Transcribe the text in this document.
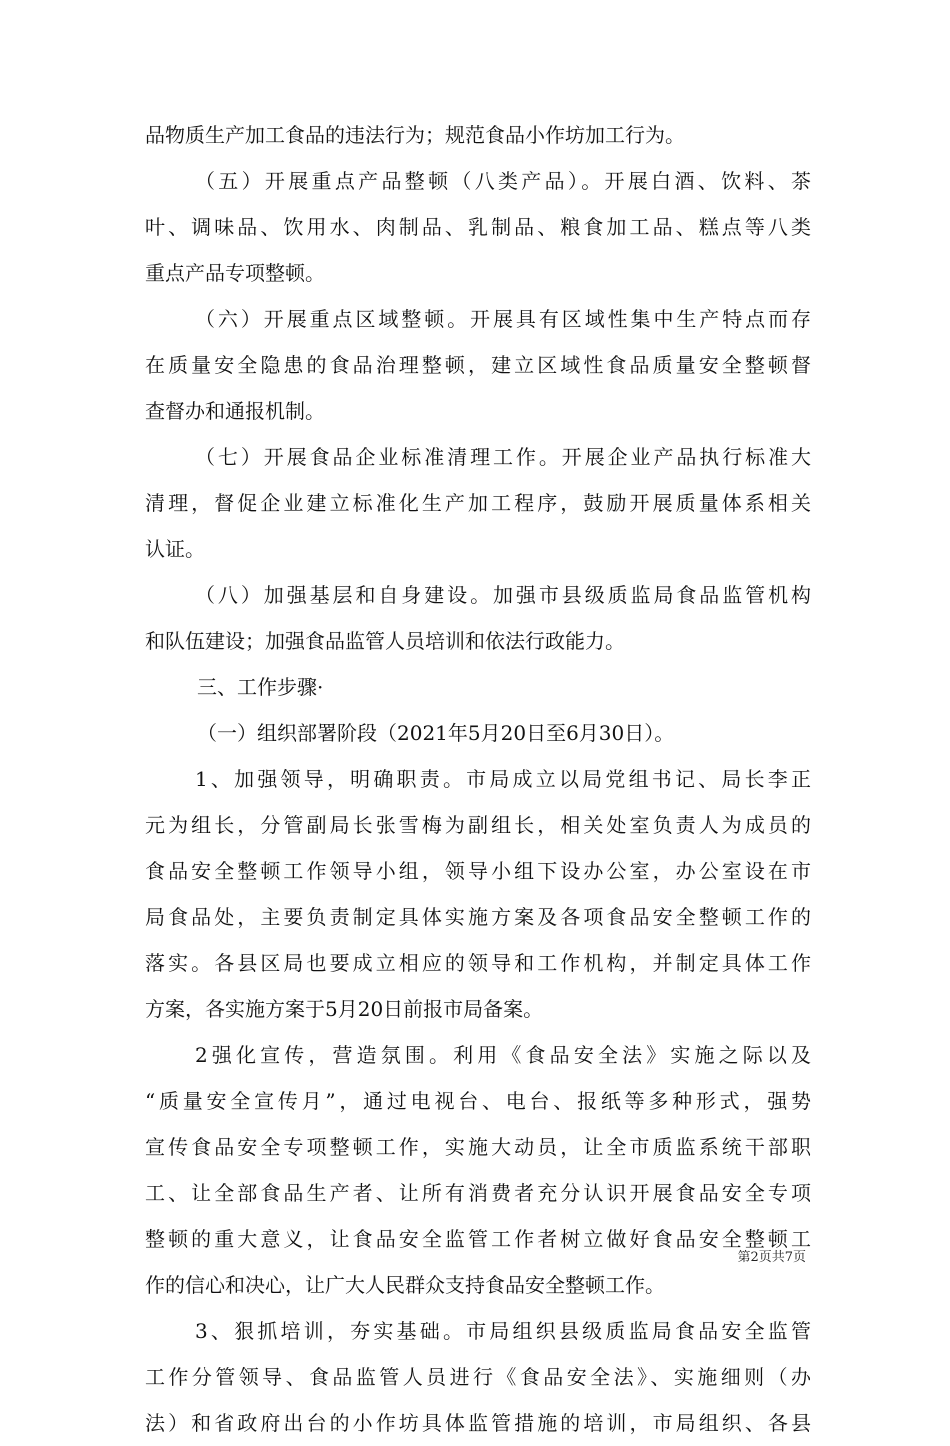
品物质生产加工食品的违法行为；规范食品小作坊加工行为。
（五）开展重点产品整顿（八类产品）。开展白酒、饮料、茶
叶、调味品、饮用水、肉制品、乳制品、粮食加工品、糕点等八类
重点产品专项整顿。
（六）开展重点区域整顿。开展具有区域性集中生产特点而存
在质量安全隐患的食品治理整顿，建立区域性食品质量安全整顿督
查督办和通报机制。
（七）开展食品企业标准清理工作。开展企业产品执行标准大
清理，督促企业建立标准化生产加工程序，鼓励开展质量体系相关
认证。
（八）加强基层和自身建设。加强市县级质监局食品监管机构
和队伍建设；加强食品监管人员培训和依法行政能力。
三、工作步骤·
（一）组织部署阶段（2021年5月20日至6月30日）。
1、加强领导，明确职责。市局成立以局党组书记、局长李正
元为组长，分管副局长张雪梅为副组长，相关处室负责人为成员的
食品安全整顿工作领导小组，领导小组下设办公室，办公室设在市
局食品处，主要负责制定具体实施方案及各项食品安全整顿工作的
落实。各县区局也要成立相应的领导和工作机构，并制定具体工作
方案，各实施方案于5月20日前报市局备案。
2强化宣传，营造氛围。利用《食品安全法》实施之际以及
“质量安全宣传月”，通过电视台、电台、报纸等多种形式，强势
宣传食品安全专项整顿工作，实施大动员，让全市质监系统干部职
工、让全部食品生产者、让所有消费者充分认识开展食品安全专项
整顿的重大意义，让食品安全监管工作者树立做好食品安全整顿工
作的信心和决心，让广大人民群众支持食品安全整顿工作。
3、狠抓培训，夯实基础。市局组织县级质监局食品安全监管
工作分管领导、食品监管人员进行《食品安全法》、实施细则（办
法）和省政府出台的小作坊具体监管措施的培训，市局组织、各县
第2页共7页
